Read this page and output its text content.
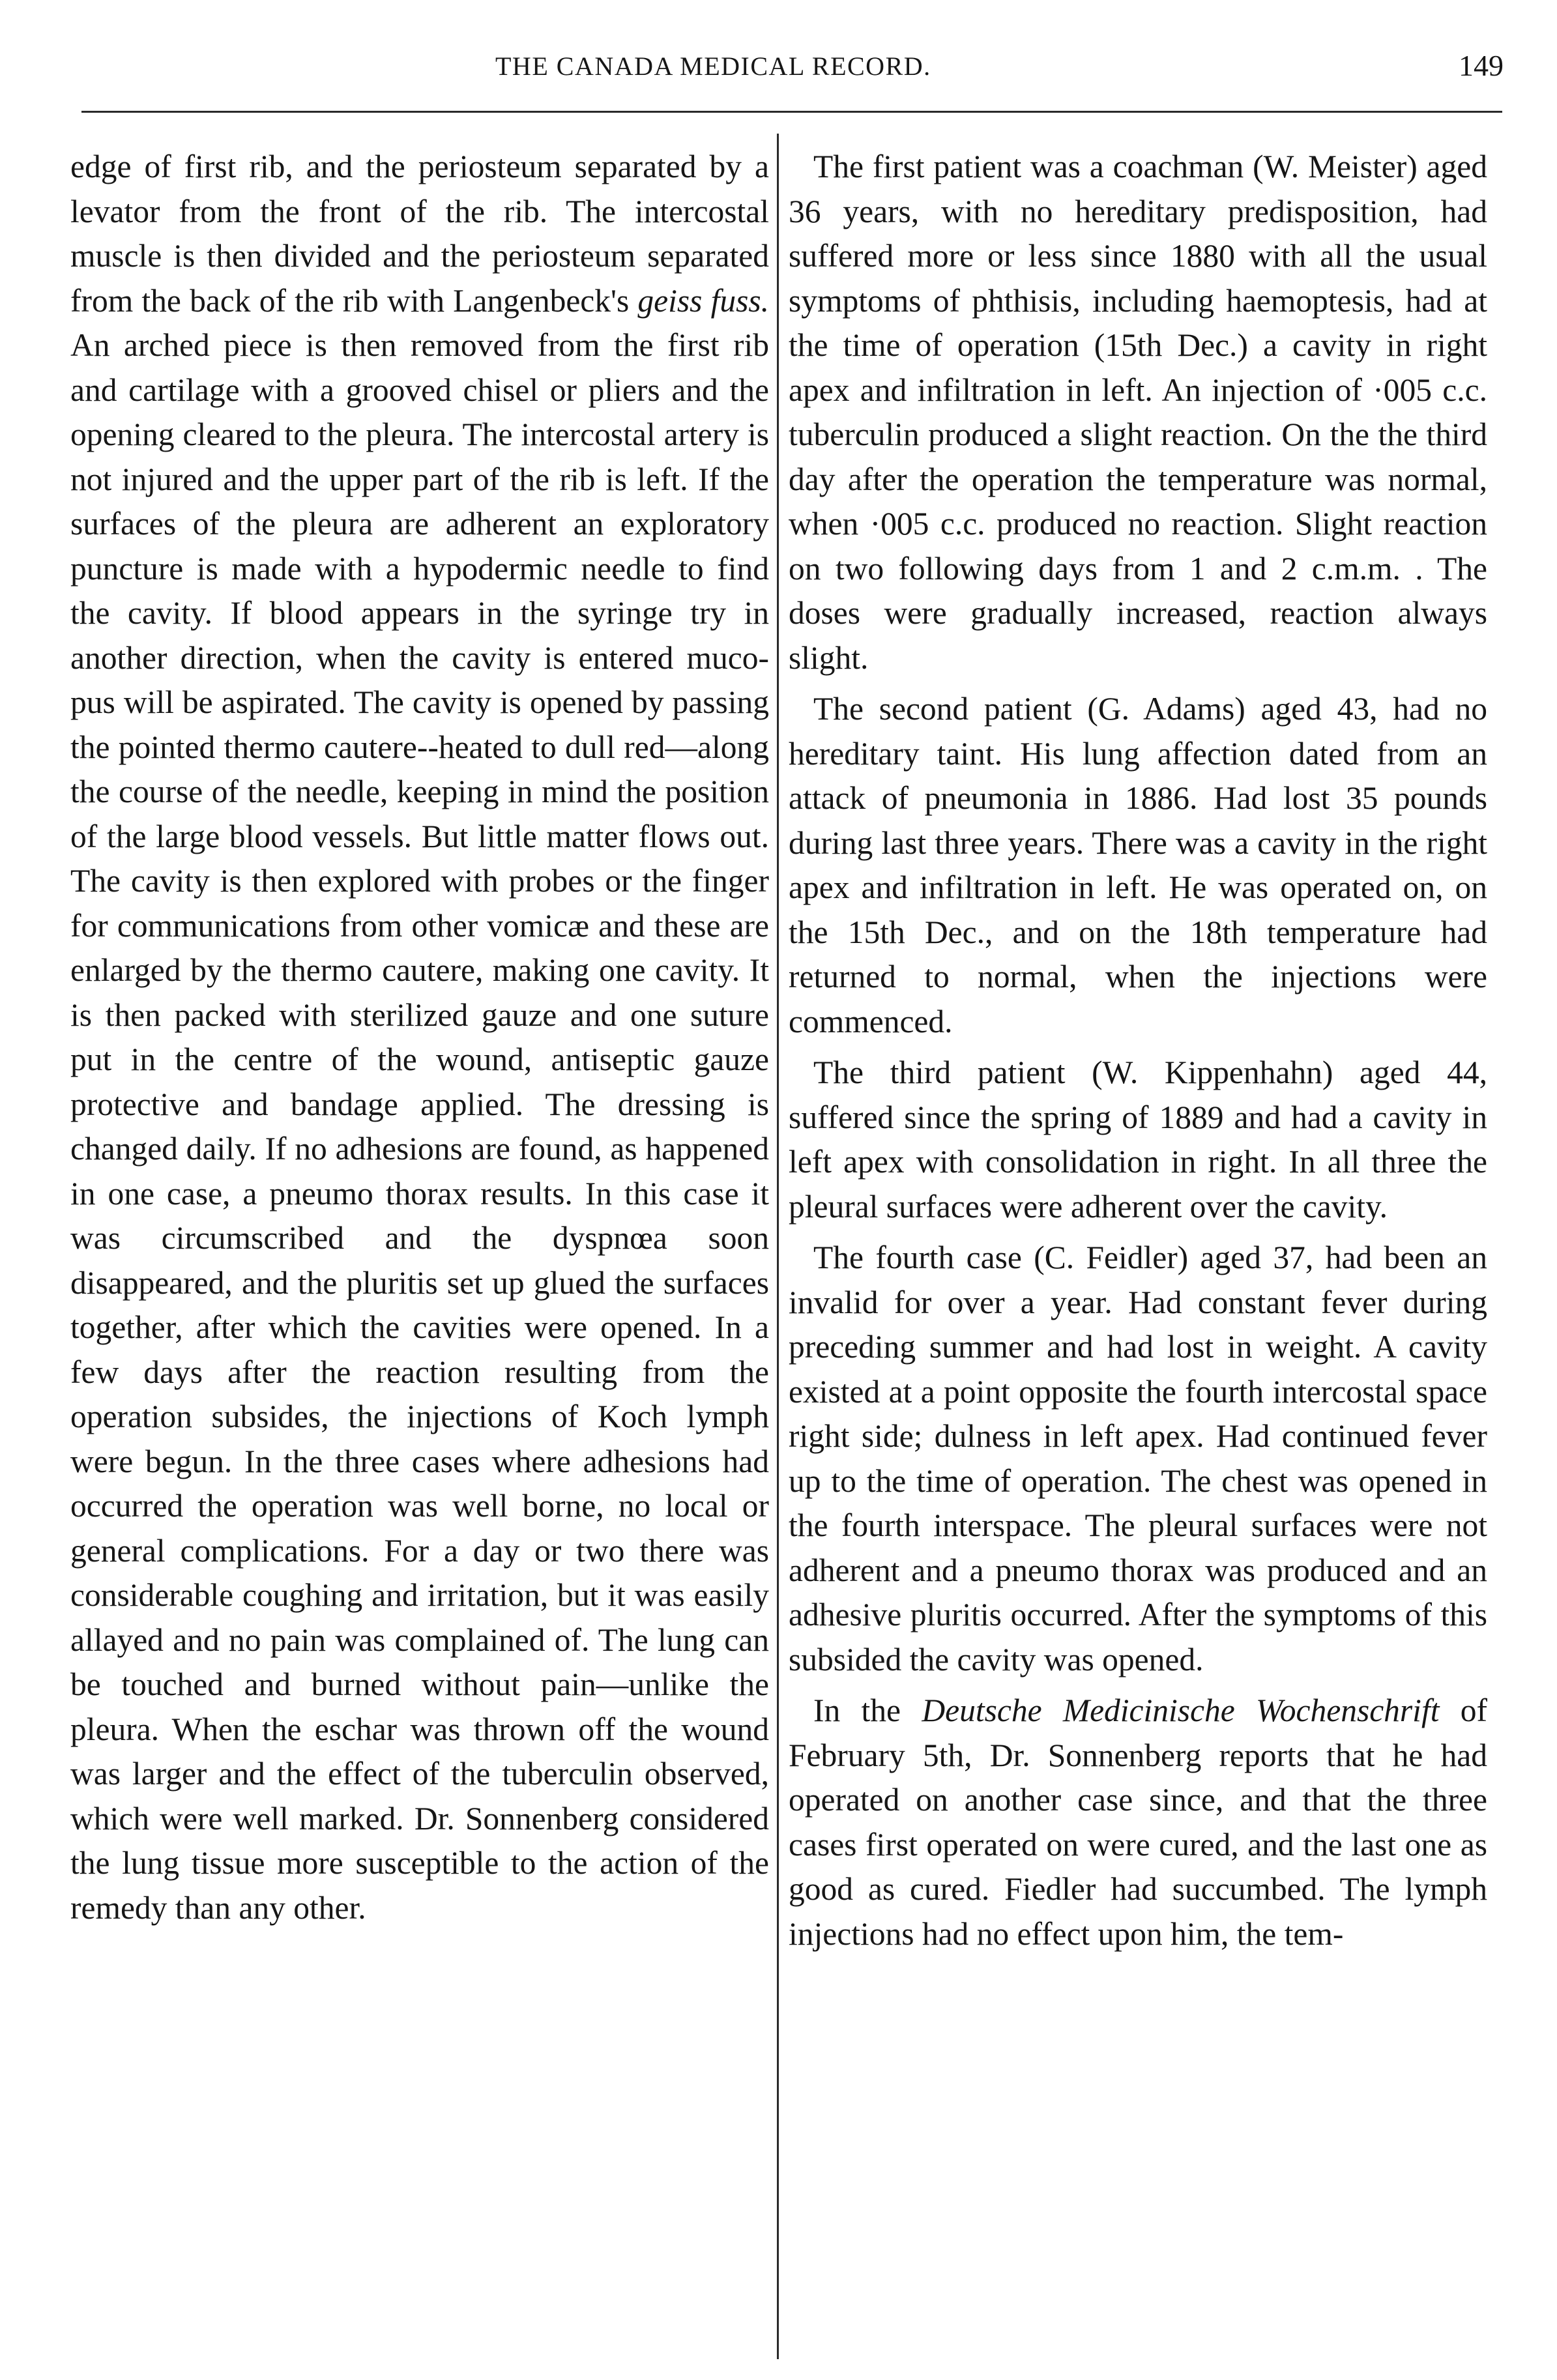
THE CANADA MEDICAL RECORD.	149

edge of first rib, and the periosteum separated by a levator from the front of the rib. The intercostal muscle is then divided and the periosteum separated from the back of the rib with Langenbeck's geiss fuss. An arched piece is then removed from the first rib and cartilage with a grooved chisel or pliers and the opening cleared to the pleura. The intercostal artery is not injured and the upper part of the rib is left. If the surfaces of the pleura are adherent an exploratory puncture is made with a hypodermic needle to find the cavity. If blood appears in the syringe try in another direction, when the cavity is entered muco-pus will be aspirated. The cavity is opened by passing the pointed thermo cautere--heated to dull red—along the course of the needle, keeping in mind the position of the large blood vessels. But little matter flows out. The cavity is then explored with probes or the finger for communications from other vomicæ and these are enlarged by the thermo cautere, making one cavity. It is then packed with sterilized gauze and one suture put in the centre of the wound, antiseptic gauze protective and bandage applied. The dressing is changed daily. If no adhesions are found, as happened in one case, a pneumo thorax results. In this case it was circumscribed and the dyspnœa soon disappeared, and the pluritis set up glued the surfaces together, after which the cavities were opened. In a few days after the reaction resulting from the operation subsides, the injections of Koch lymph were begun. In the three cases where adhesions had occurred the operation was well borne, no local or general complications. For a day or two there was considerable coughing and irritation, but it was easily allayed and no pain was complained of. The lung can be touched and burned without pain—unlike the pleura. When the eschar was thrown off the wound was larger and the effect of the tuberculin observed, which were well marked. Dr. Sonnenberg considered the lung tissue more susceptible to the action of the remedy than any other.

The first patient was a coachman (W. Meister) aged 36 years, with no hereditary predisposition, had suffered more or less since 1880 with all the usual symptoms of phthisis, including haemoptesis, had at the time of operation (15th Dec.) a cavity in right apex and infiltration in left. An injection of ·005 c.c. tuberculin produced a slight reaction. On the the third day after the operation the temperature was normal, when ·005 c.c. produced no reaction. Slight reaction on two following days from 1 and 2 c.m.m. . The doses were gradually increased, reaction always slight.

The second patient (G. Adams) aged 43, had no hereditary taint. His lung affection dated from an attack of pneumonia in 1886. Had lost 35 pounds during last three years. There was a cavity in the right apex and infiltration in left. He was operated on, on the 15th Dec., and on the 18th temperature had returned to normal, when the injections were commenced.

The third patient (W. Kippenhahn) aged 44, suffered since the spring of 1889 and had a cavity in left apex with consolidation in right. In all three the pleural surfaces were adherent over the cavity.

The fourth case (C. Feidler) aged 37, had been an invalid for over a year. Had constant fever during preceding summer and had lost in weight. A cavity existed at a point opposite the fourth intercostal space right side; dulness in left apex. Had continued fever up to the time of operation. The chest was opened in the fourth interspace. The pleural surfaces were not adherent and a pneumo thorax was produced and an adhesive pluritis occurred. After the symptoms of this subsided the cavity was opened.

In the Deutsche Medicinische Wochenschrift of February 5th, Dr. Sonnenberg reports that he had operated on another case since, and that the three cases first operated on were cured, and the last one as good as cured. Fiedler had succumbed. The lymph injections had no effect upon him, the tem-
